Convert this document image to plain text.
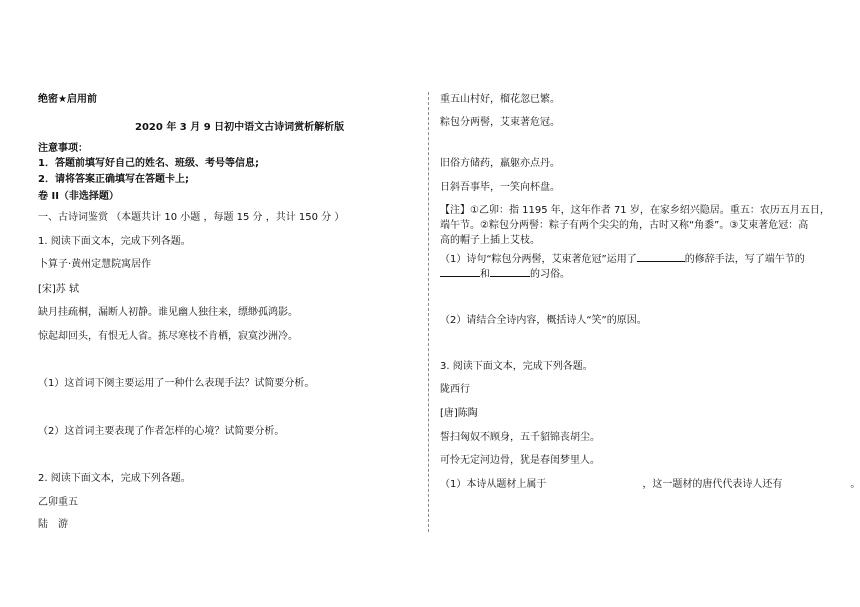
绝密★启用前
2020 年 3 月 9 日初中语文古诗词赏析解析版
注意事项：
1．答题前填写好自己的姓名、班级、考号等信息;
2．请将答案正确填写在答题卡上;
卷 II（非选择题）
一、古诗词鉴赏 （本题共计 10 小题 ，每题 15 分 ，共计 150 分 ）
1. 阅读下面文本，完成下列各题。
卜算子·黄州定慧院寓居作
[宋]苏 轼
缺月挂疏桐，漏断人初静。谁见幽人独往来，缥缈孤鸿影。
惊起却回头，有恨无人省。拣尽寒枝不肯栖，寂寞沙洲冷。
（1）这首词下阕主要运用了一种什么表现手法？试简要分析。
（2）这首词主要表现了作者怎样的心境？试简要分析。
2. 阅读下面文本，完成下列各题。
乙卯重五
陆　游
重五山村好，榴花忽已繁。
粽包分两髻，艾束著危冠。
旧俗方储药，羸躯亦点丹。
日斜吾事毕，一笑向杯盘。
【注】①乙卯：指 1195 年，这年作者 71 岁，在家乡绍兴隐居。重五：农历五月五日，
端午节。②粽包分两髻：粽子有两个尖尖的角，古时又称“角黍”。③艾束著危冠：高
高的帽子上插上艾枝。
（1）诗句“粽包分两髻，艾束著危冠”运用了	的修辞手法，写了端午节的
和	的习俗。
（2）请结合全诗内容，概括诗人“笑”的原因。
3. 阅读下面文本，完成下列各题。
陇西行
[唐]陈陶
誓扫匈奴不顾身，五千貂锦丧胡尘。
可怜无定河边骨，犹是春闺梦里人。
（1）本诗从题材上属于	，这一题材的唐代代表诗人还有	。
